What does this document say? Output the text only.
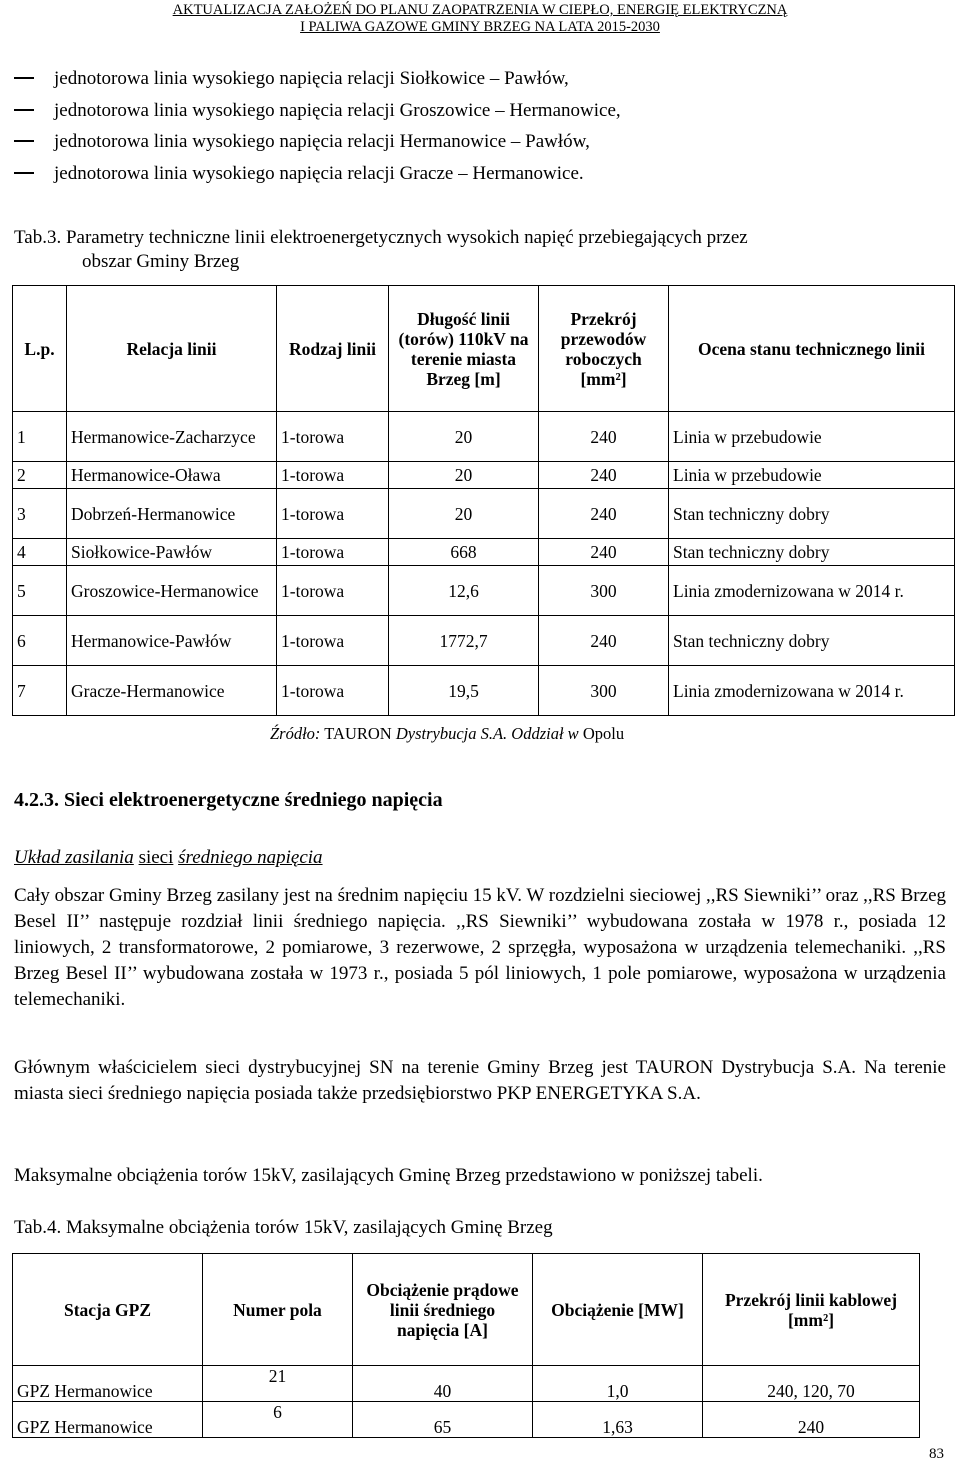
AKTUALIZACJA ZAŁOŻEŃ DO PLANU ZAOPATRZENIA W CIEPŁO, ENERGIĘ ELEKTRYCZNĄ
I PALIWA GAZOWE GMINY BRZEG NA LATA 2015-2030
jednotorowa linia wysokiego napięcia relacji Siołkowice – Pawłów,
jednotorowa linia wysokiego napięcia relacji Groszowice – Hermanowice,
jednotorowa linia wysokiego napięcia relacji Hermanowice – Pawłów,
jednotorowa linia wysokiego napięcia relacji Gracze – Hermanowice.
Tab.3. Parametry techniczne linii elektroenergetycznych wysokich napięć przebiegających przez
obszar Gminy Brzeg
L.p.	Relacja linii	Rodzaj linii	Długość linii (torów) 110kV na terenie miasta Brzeg [m]	Przekrój przewodów roboczych [mm²]	Ocena stanu technicznego linii
1	Hermanowice-Zacharzyce	1-torowa	20	240	Linia w przebudowie
2	Hermanowice-Oława	1-torowa	20	240	Linia w przebudowie
3	Dobrzeń-Hermanowice	1-torowa	20	240	Stan techniczny dobry
4	Siołkowice-Pawłów	1-torowa	668	240	Stan techniczny dobry
5	Groszowice-Hermanowice	1-torowa	12,6	300	Linia zmodernizowana w 2014 r.
6	Hermanowice-Pawłów	1-torowa	1772,7	240	Stan techniczny dobry
7	Gracze-Hermanowice	1-torowa	19,5	300	Linia zmodernizowana w 2014 r.
Źródło: TAURON Dystrybucja S.A. Oddział w Opolu
4.2.3. Sieci elektroenergetyczne średniego napięcia
Układ zasilania sieci średniego napięcia
Cały obszar Gminy Brzeg zasilany jest na średnim napięciu 15 kV. W rozdzielni sieciowej ,,RS Siewniki’’ oraz ,,RS Brzeg Besel II’’ następuje rozdział linii średniego napięcia. ,,RS Siewniki’’ wybudowana została w 1978 r., posiada 12 liniowych, 2 transformatorowe, 2 pomiarowe, 3 rezerwowe, 2 sprzęgła, wyposażona w urządzenia telemechaniki. ,,RS Brzeg Besel II’’ wybudowana została w 1973 r., posiada 5 pól liniowych, 1 pole pomiarowe, wyposażona w urządzenia telemechaniki.
Głównym właścicielem sieci dystrybucyjnej SN na terenie Gminy Brzeg jest TAURON Dystrybucja S.A. Na terenie miasta sieci średniego napięcia posiada także przedsiębiorstwo PKP ENERGETYKA S.A.
Maksymalne obciążenia torów 15kV, zasilających Gminę Brzeg przedstawiono w poniższej tabeli.
Tab.4. Maksymalne obciążenia torów 15kV, zasilających Gminę Brzeg
Stacja GPZ	Numer pola	Obciążenie prądowe linii średniego napięcia [A]	Obciążenie [MW]	Przekrój linii kablowej [mm²]
GPZ Hermanowice	21	40	1,0	240, 120, 70
GPZ Hermanowice	6	65	1,63	240
83
